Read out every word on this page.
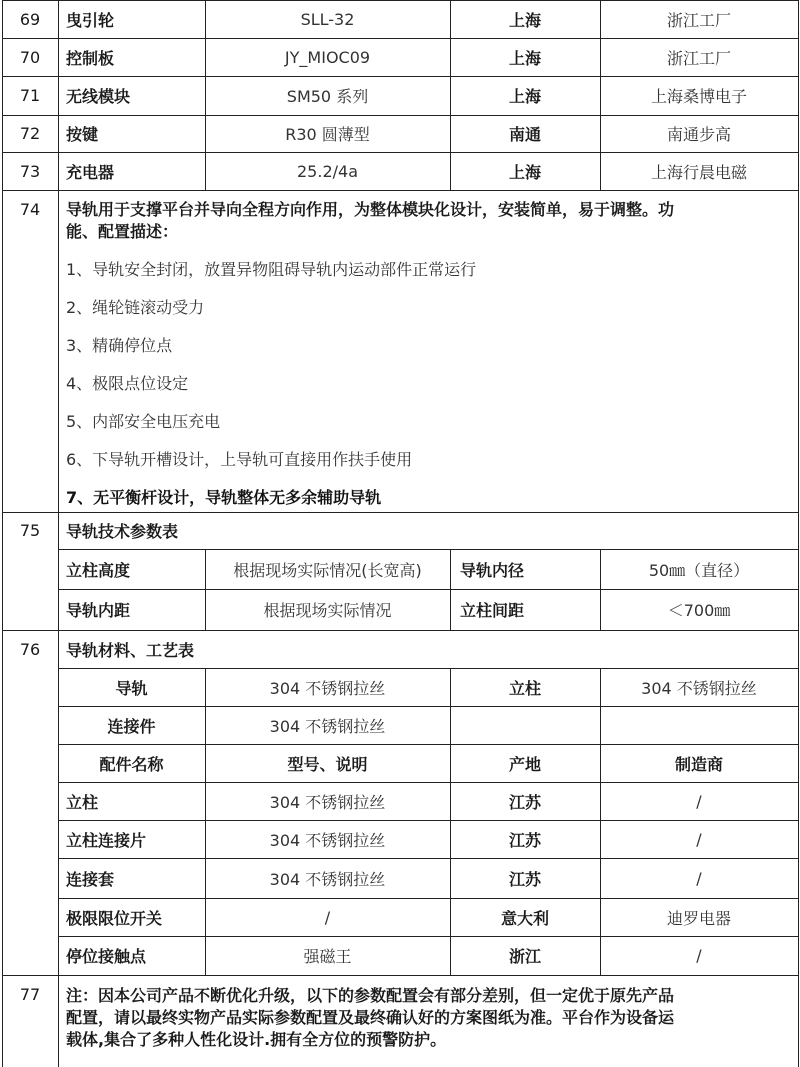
69	曳引轮	SLL-32	上海	浙江工厂
70	控制板	JY_MIOC09	上海	浙江工厂
71	无线模块	SM50 系列	上海	上海桑博电子
72	按键	R30 圆薄型	南通	南通步高
73	充电器	25.2/4a	上海	上海行晨电磁
74	导轨用于支撑平台并导向全程方向作用，为整体模块化设计，安装简单，易于调整。功
能、配置描述：
1、导轨安全封闭，放置异物阻碍导轨内运动部件正常运行
2、绳轮链滚动受力
3、精确停位点
4、极限点位设定
5、内部安全电压充电
6、下导轨开槽设计，上导轨可直接用作扶手使用
7、无平衡杆设计，导轨整体无多余辅助导轨
75	导轨技术参数表
立柱高度	根据现场实际情况(长宽高)	导轨内径	50㎜（直径）
导轨内距	根据现场实际情况	立柱间距	＜700㎜
76	导轨材料、工艺表
导轨	304 不锈钢拉丝	立柱	304 不锈钢拉丝
连接件	304 不锈钢拉丝
配件名称	型号、说明	产地	制造商
立柱	304 不锈钢拉丝	江苏	/
立柱连接片	304 不锈钢拉丝	江苏	/
连接套	304 不锈钢拉丝	江苏	/
极限限位开关	/	意大利	迪罗电器
停位接触点	强磁王	浙江	/
77	注：因本公司产品不断优化升级，以下的参数配置会有部分差别，但一定优于原先产品
配置，请以最终实物产品实际参数配置及最终确认好的方案图纸为准。平台作为设备运
载体,集合了多种人性化设计.拥有全方位的预警防护。
